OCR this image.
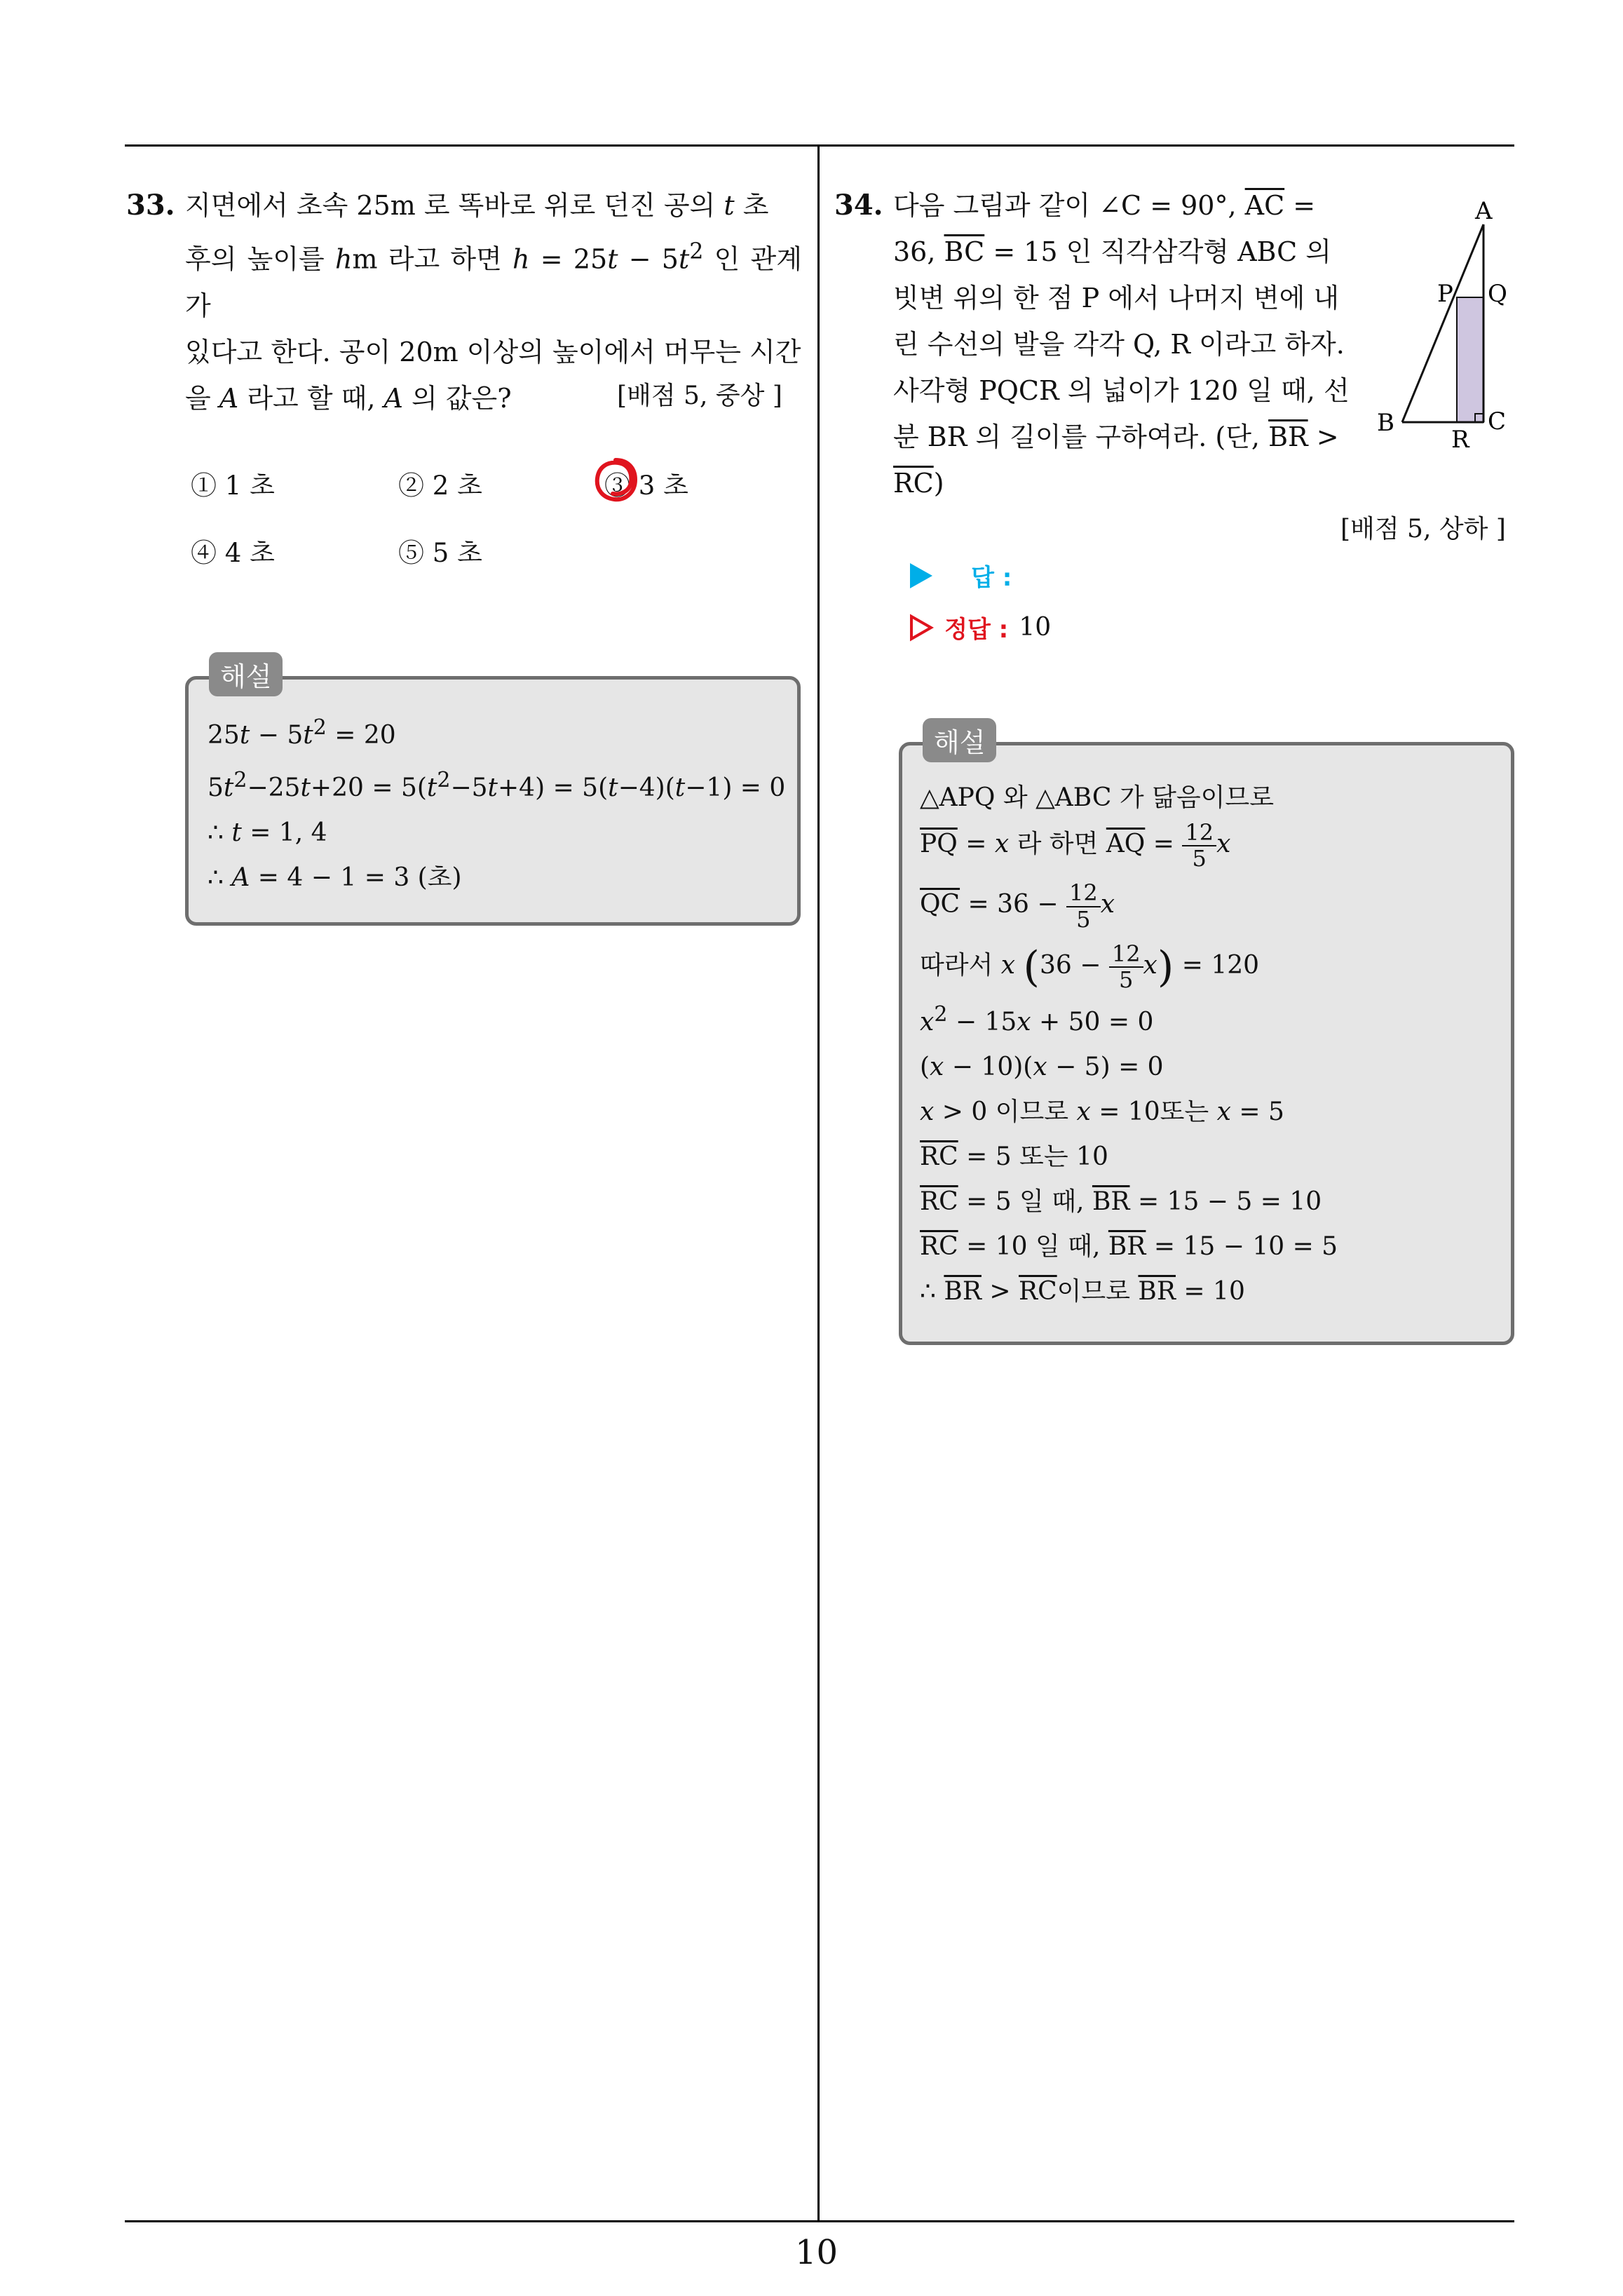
33. 지면에서 초속 25m 로 똑바로 위로 던진 공의 t 초
후의 높이를 hm 라고 하면 $h = 25t - 5t^2$ 인 관계가
있다고 한다. 공이 20m 이상의 높이에서 머무는 시간
을 A 라고 할 때, A 의 값은?	[배점 5, 중상 ]
① 1 초	② 2 초	③ 3 초
④ 4 초	⑤ 5 초
해설
$25t - 5t^2 = 20$
$5t^2-25t+20 = 5(t^2-5t+4) = 5(t-4)(t-1) = 0$
∴ t = 1, 4
∴ A = 4 − 1 = 3 (초)
34. 다음 그림과 같이 ∠C = 90°, $\overline{AC}$ =
36, $\overline{BC} = 15$ 인 직각삼각형 ABC 의
빗변 위의 한 점 P 에서 나머지 변에 내
린 수선의 발을 각각 Q, R 이라고 하자.
사각형 PQCR 의 넓이가 120 일 때, 선
분 BR 의 길이를 구하여라. (단, $\overline{BR}$ >
$\overline{RC}$)
A
P Q
B	C
R
[배점 5, 상하 ]
답 :
정답 : 10
해설
△APQ 와 △ABC 가 닮음이므로
$\overline{PQ} = x$ 라 하면 $\overline{AQ} = \frac{12}{5}$ x
$\overline{QC} = 36 - \frac{12}{5}$ x
따라서 x $(36 - \frac{12}{5} x) = 120$
$x^2 - 15x + 50 = 0$
(x − 10)(x − 5) = 0
x > 0 이므로 x = 10또는 x = 5
$\overline{RC} = 5$ 또는 10
$\overline{RC} = 5$ 일 때, $\overline{BR} = 15 - 5 = 10$
$\overline{RC} = 10$ 일 때, $\overline{BR} = 15 - 10 = 5$
∴ $\overline{BR} > \overline{RC}$이므로 $\overline{BR} = 10$
10
